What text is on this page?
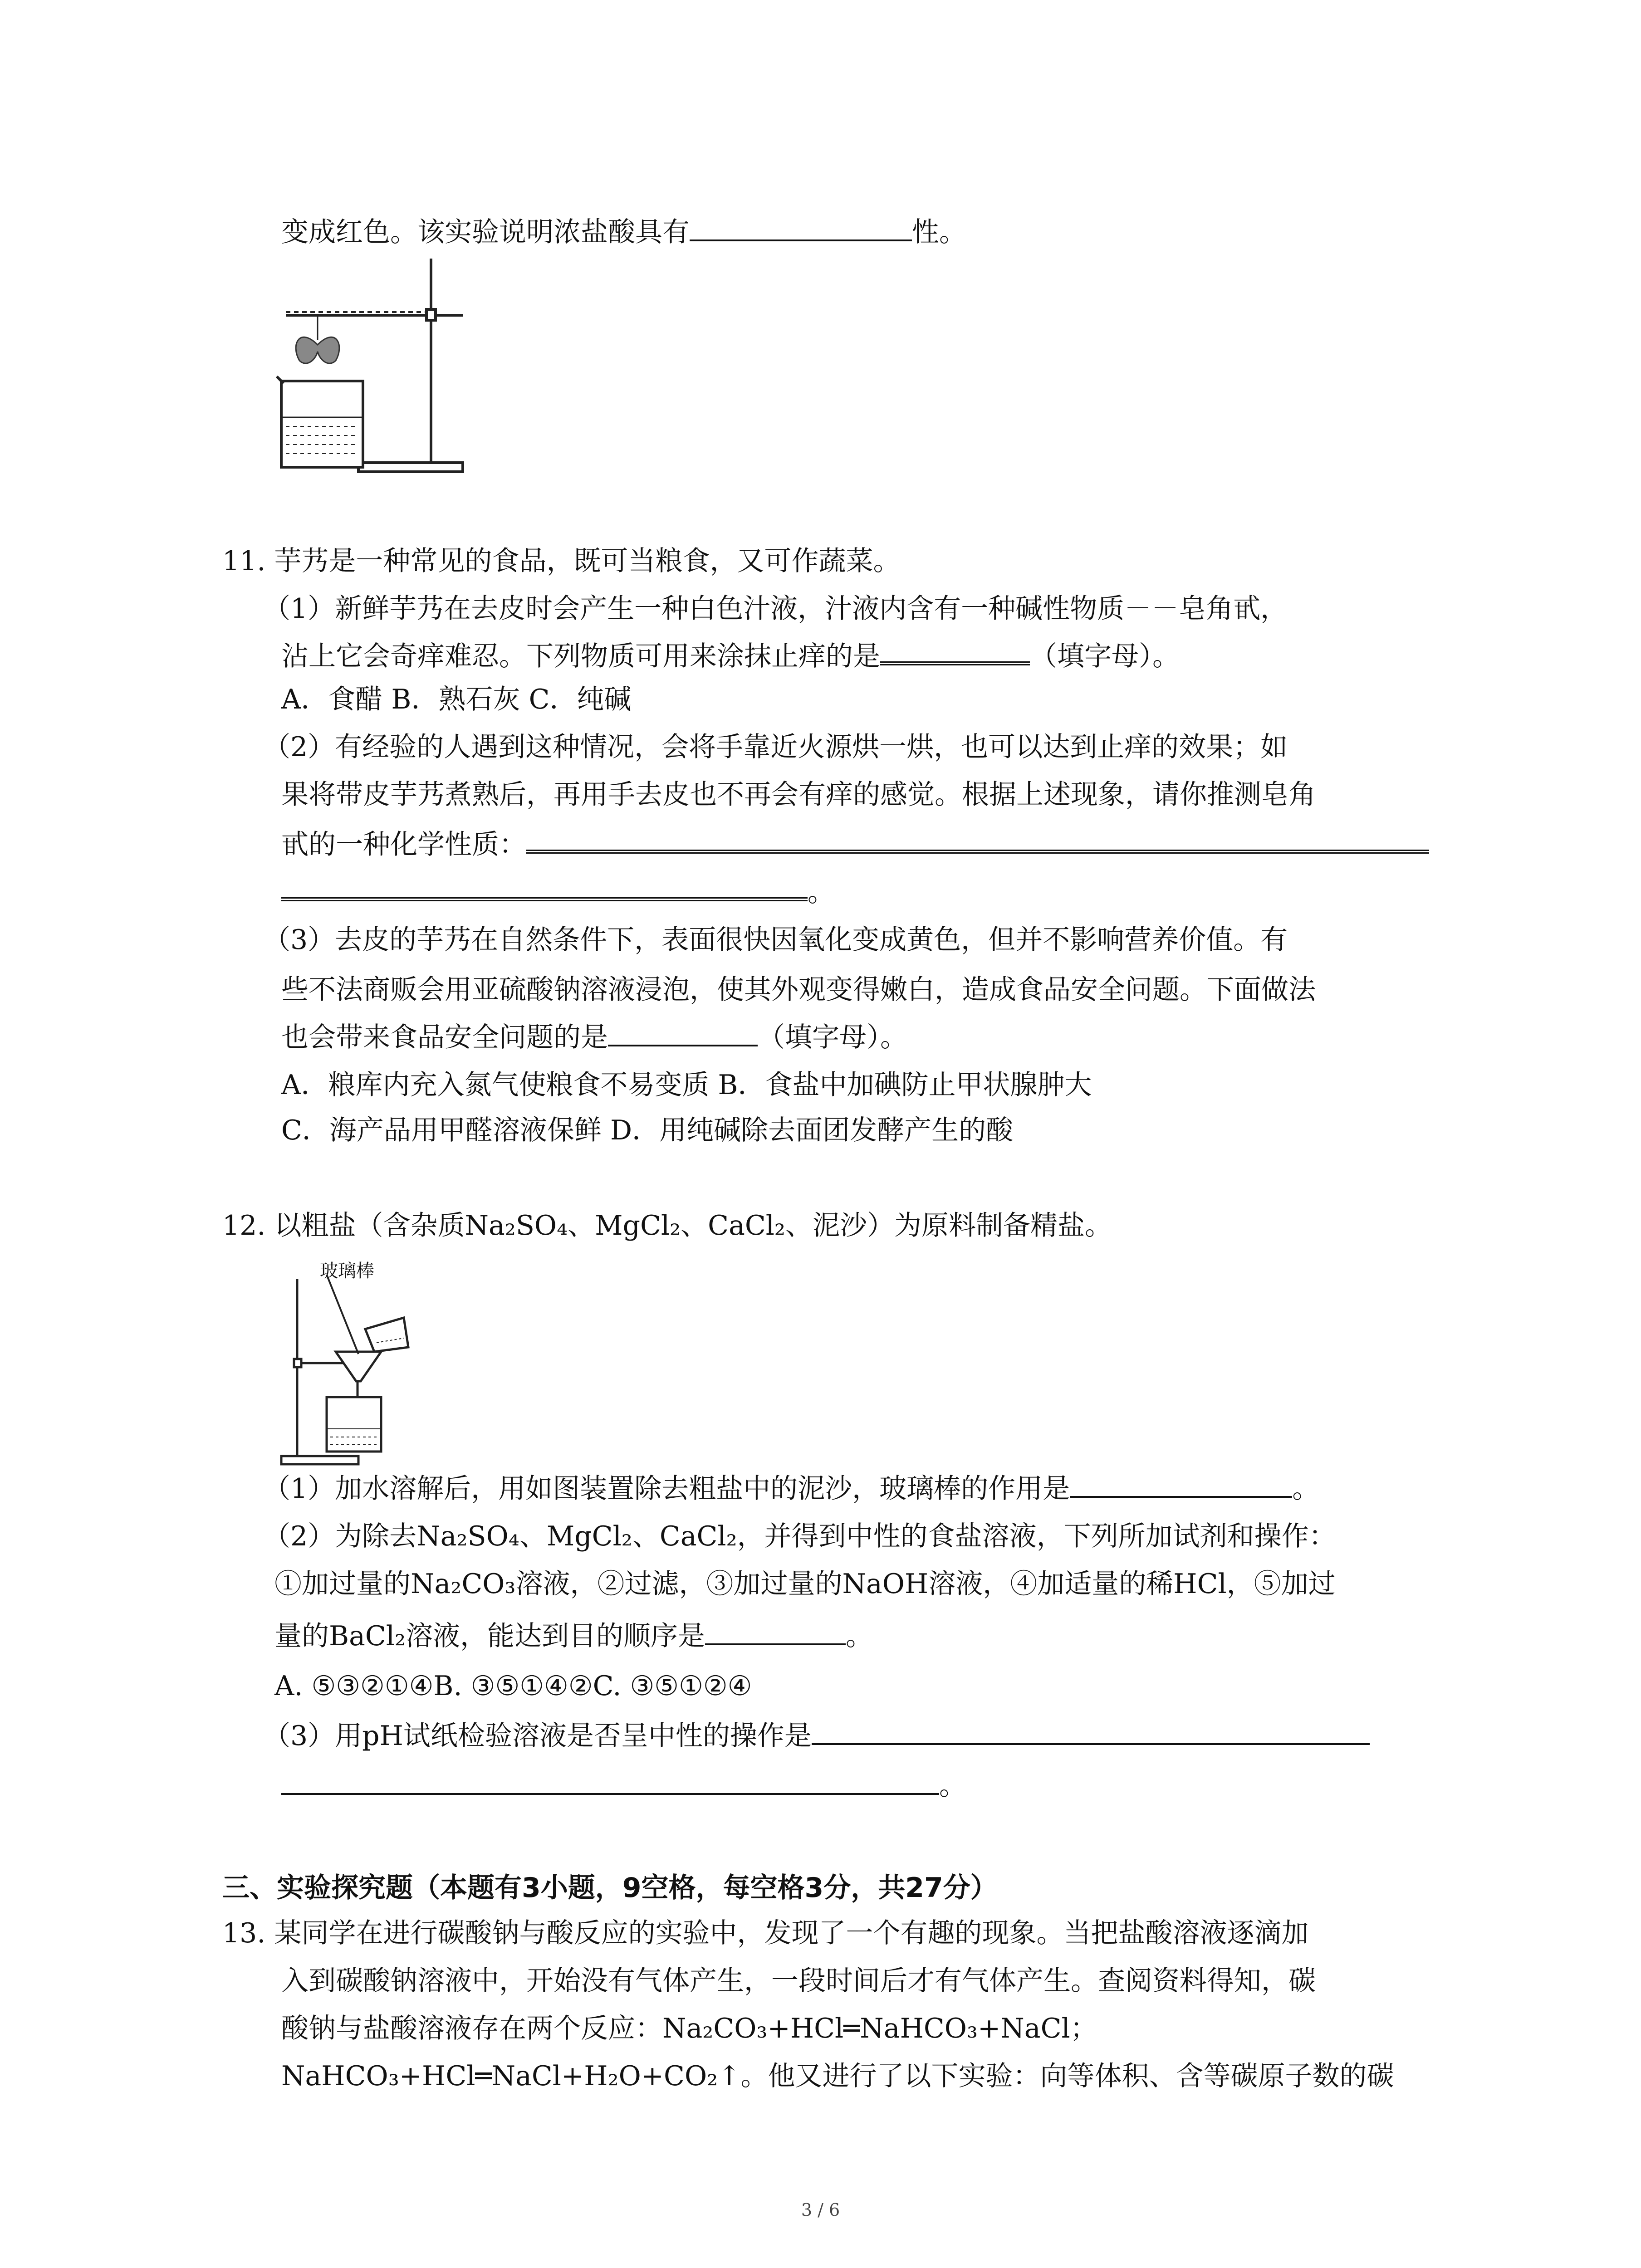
变成红色。该实验说明浓盐酸具有	性。
11. 芋艿是一种常见的食品，既可当粮食，又可作蔬菜。
（1）新鲜芋艿在去皮时会产生一种白色汁液，汁液内含有一种碱性物质－－皂角甙，
沾上它会奇痒难忍。下列物质可用来涂抹止痒的是	（填字母）。
A．食醋 B．熟石灰 C．纯碱
（2）有经验的人遇到这种情况，会将手靠近火源烘一烘，也可以达到止痒的效果；如
果将带皮芋艿煮熟后，再用手去皮也不再会有痒的感觉。根据上述现象，请你推测皂角
甙的一种化学性质：
。
（3）去皮的芋艿在自然条件下，表面很快因氧化变成黄色，但并不影响营养价值。有
些不法商贩会用亚硫酸钠溶液浸泡，使其外观变得嫩白，造成食品安全问题。下面做法
也会带来食品安全问题的是	（填字母）。
A．粮库内充入氮气使粮食不易变质 B．食盐中加碘防止甲状腺肿大
C．海产品用甲醛溶液保鲜 D．用纯碱除去面团发酵产生的酸
12. 以粗盐（含杂质Na₂SO₄、MgCl₂、CaCl₂、泥沙）为原料制备精盐。
玻璃棒
（1）加水溶解后，用如图装置除去粗盐中的泥沙，玻璃棒的作用是	。
（2）为除去Na₂SO₄、MgCl₂、CaCl₂，并得到中性的食盐溶液，下列所加试剂和操作：
①加过量的Na₂CO₃溶液，②过滤，③加过量的NaOH溶液，④加适量的稀HCl，⑤加过
量的BaCl₂溶液，能达到目的顺序是	。
A. ⑤③②①④B. ③⑤①④②C. ③⑤①②④
（3）用pH试纸检验溶液是否呈中性的操作是
。
三、实验探究题（本题有3小题，9空格，每空格3分，共27分）
13. 某同学在进行碳酸钠与酸反应的实验中，发现了一个有趣的现象。当把盐酸溶液逐滴加
入到碳酸钠溶液中，开始没有气体产生，一段时间后才有气体产生。查阅资料得知，碳
酸钠与盐酸溶液存在两个反应：Na₂CO₃+HCl═NaHCO₃+NaCl；
NaHCO₃+HCl═NaCl+H₂O+CO₂↑。他又进行了以下实验：向等体积、含等碳原子数的碳
3 / 6
